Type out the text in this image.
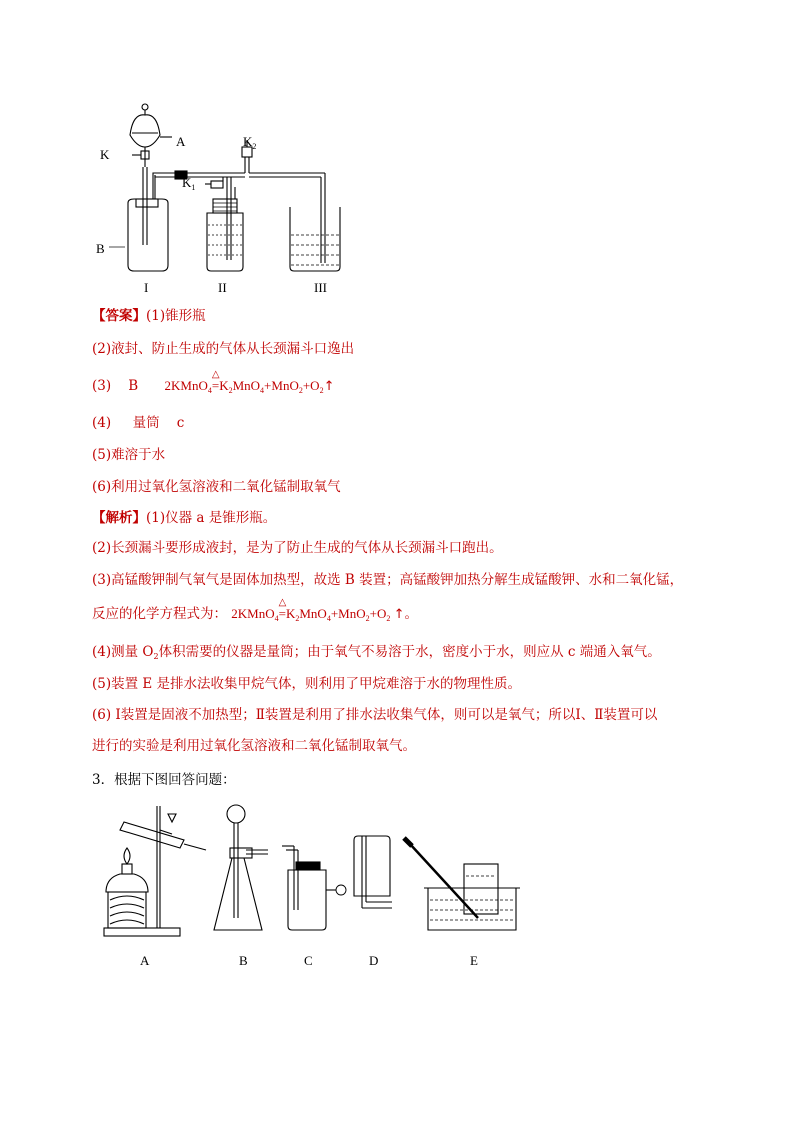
A
K
$K_2$
$K_1$
B
I	II	III
【答案】(1)锥形瓶
(2)液封、防止生成的气体从长颈漏斗口逸出
(3) B 2KMnO$_4$
△
$=K_2MnO_4+MnO_2+O_2↑$
(4) 量筒 c
(5)难溶于水
(6)利用过氧化氢溶液和二氧化锰制取氧气
【解析】(1)仪器 a 是锥形瓶。
(2)长颈漏斗要形成液封，是为了防止生成的气体从长颈漏斗口跑出。
(3)高锰酸钾制气氧气是固体加热型，故选 B 装置；高锰酸钾加热分解生成锰酸钾、水和二氧化锰，
反应的化学方程式为： 2KMnO$_4$
△
$=K_2MnO_4+MnO_2+O_2$ ↑。
(4)测量 $O_2$体积需要的仪器是量筒；由于氧气不易溶于水，密度小于水，则应从 c 端通入氧气。
(5)装置 E 是排水法收集甲烷气体，则利用了甲烷难溶于水的物理性质。
(6) Ⅰ装置是固液不加热型；Ⅱ装置是利用了排水法收集气体，则可以是氧气；所以Ⅰ、Ⅱ装置可以
进行的实验是利用过氧化氢溶液和二氧化锰制取氧气。
3．根据下图回答问题：
A	B	C	D	E
